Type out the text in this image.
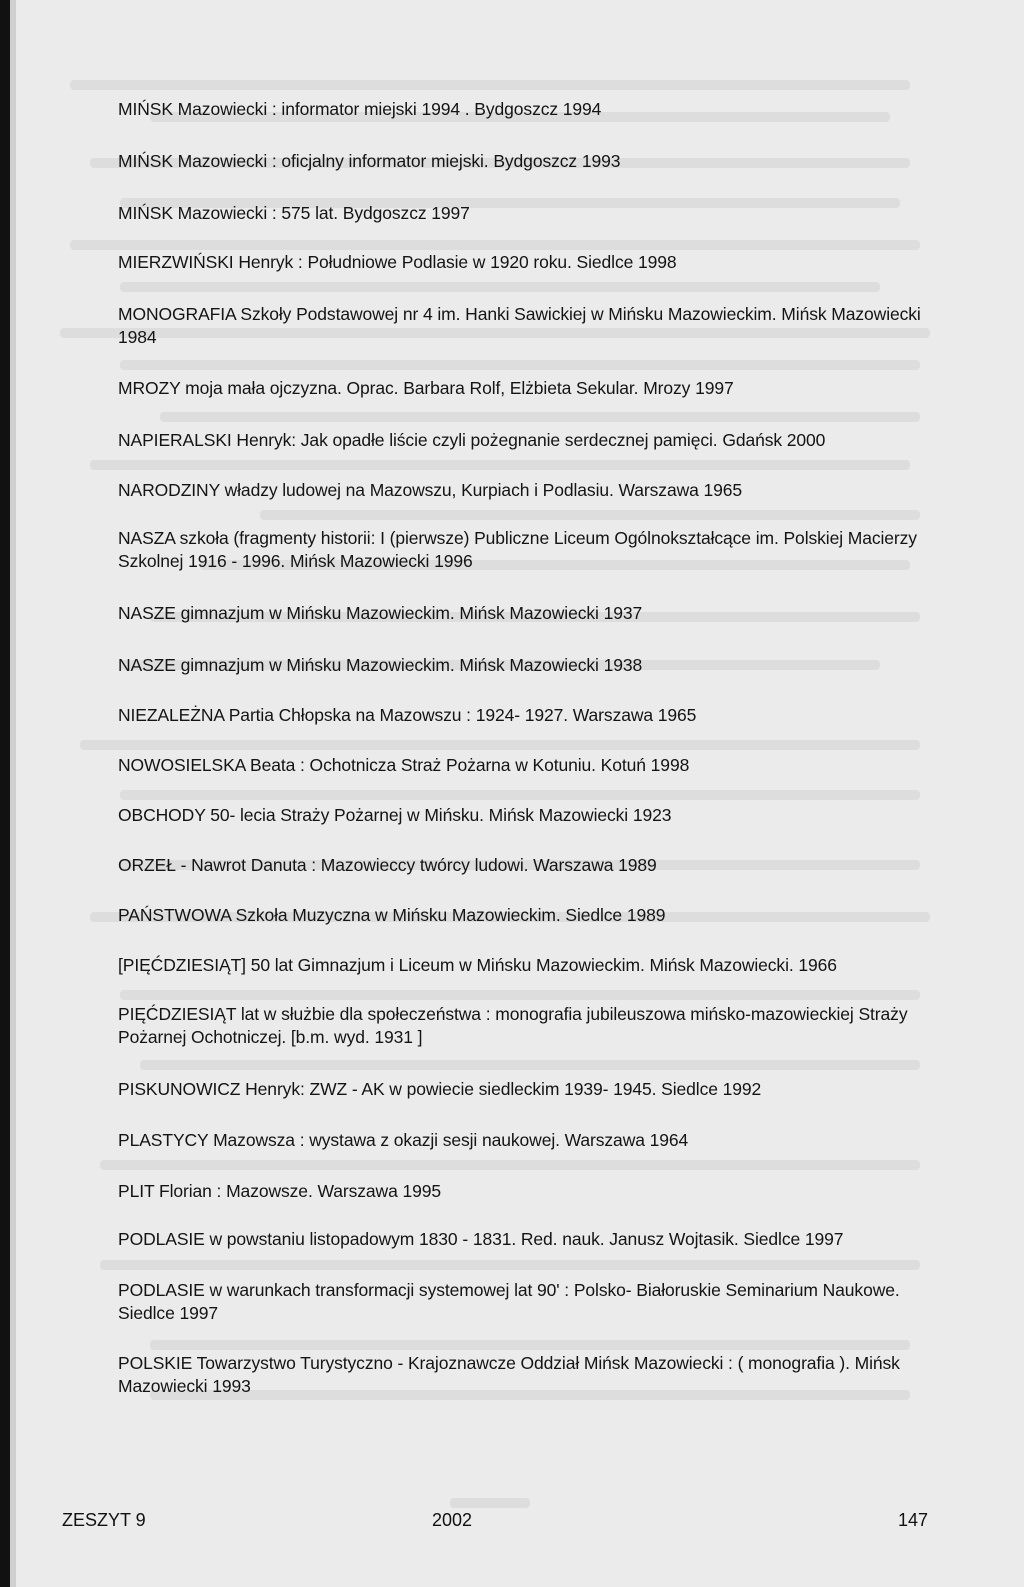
MIŃSK Mazowiecki : informator miejski 1994 . Bydgoszcz 1994
MIŃSK Mazowiecki : oficjalny informator miejski. Bydgoszcz 1993
MIŃSK Mazowiecki : 575 lat. Bydgoszcz 1997
MIERZWIŃSKI Henryk : Południowe Podlasie w 1920 roku. Siedlce 1998
MONOGRAFIA Szkoły Podstawowej nr 4 im. Hanki Sawickiej w Mińsku Mazowieckim. Mińsk Mazowiecki 1984
MROZY moja mała ojczyzna. Oprac. Barbara Rolf, Elżbieta Sekular. Mrozy 1997
NAPIERALSKI Henryk: Jak opadłe liście czyli pożegnanie serdecznej pamięci. Gdańsk 2000
NARODZINY władzy ludowej na Mazowszu, Kurpiach i Podlasiu. Warszawa 1965
NASZA szkoła (fragmenty historii: I (pierwsze) Publiczne Liceum Ogólnokształcące im. Polskiej Macierzy Szkolnej 1916 - 1996. Mińsk Mazowiecki 1996
NASZE gimnazjum w Mińsku Mazowieckim. Mińsk Mazowiecki 1937
NASZE gimnazjum w Mińsku Mazowieckim. Mińsk Mazowiecki 1938
NIEZALEŻNA Partia Chłopska na Mazowszu : 1924- 1927. Warszawa 1965
NOWOSIELSKA Beata : Ochotnicza Straż Pożarna w Kotuniu. Kotuń 1998
OBCHODY 50- lecia Straży Pożarnej w Mińsku. Mińsk Mazowiecki 1923
ORZEŁ - Nawrot Danuta : Mazowieccy twórcy ludowi. Warszawa 1989
PAŃSTWOWA Szkoła Muzyczna w Mińsku Mazowieckim. Siedlce 1989
[PIĘĆDZIESIĄT] 50 lat Gimnazjum i Liceum w Mińsku Mazowieckim. Mińsk Mazowiecki. 1966
PIĘĆDZIESIĄT lat w służbie dla społeczeństwa : monografia jubileuszowa mińsko-mazowieckiej Straży Pożarnej Ochotniczej. [b.m. wyd. 1931 ]
PISKUNOWICZ Henryk: ZWZ - AK w powiecie siedleckim 1939- 1945. Siedlce 1992
PLASTYCY Mazowsza : wystawa z okazji sesji naukowej. Warszawa 1964
PLIT Florian : Mazowsze. Warszawa 1995
PODLASIE w powstaniu listopadowym 1830 - 1831. Red. nauk. Janusz Wojtasik. Siedlce 1997
PODLASIE w warunkach transformacji systemowej lat 90' : Polsko- Białoruskie Seminarium Naukowe. Siedlce 1997
POLSKIE Towarzystwo Turystyczno - Krajoznawcze Oddział Mińsk Mazowiecki : ( monografia ). Mińsk Mazowiecki 1993
ZESZYT 9	2002	147
